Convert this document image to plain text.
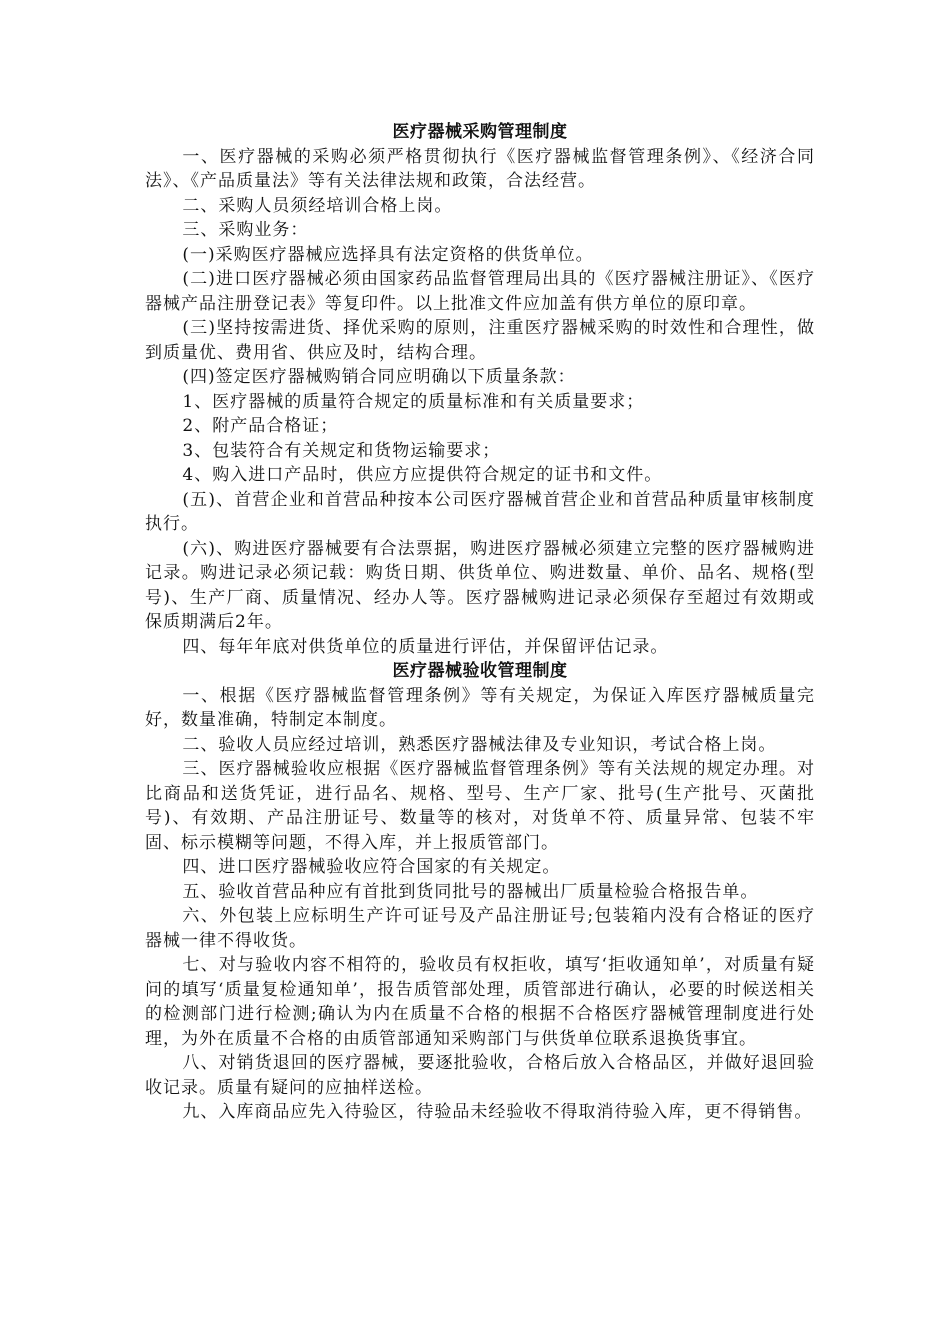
医疗器械采购管理制度

一、医疗器械的采购必须严格贯彻执行《医疗器械监督管理条例》、《经济合同法》、《产品质量法》等有关法律法规和政策，合法经营。

二、采购人员须经培训合格上岗。

三、采购业务：

(一)采购医疗器械应选择具有法定资格的供货单位。

(二)进口医疗器械必须由国家药品监督管理局出具的《医疗器械注册证》、《医疗器械产品注册登记表》等复印件。以上批准文件应加盖有供方单位的原印章。

(三)坚持按需进货、择优采购的原则，注重医疗器械采购的时效性和合理性，做到质量优、费用省、供应及时，结构合理。

(四)签定医疗器械购销合同应明确以下质量条款：

1、医疗器械的质量符合规定的质量标准和有关质量要求；

2、附产品合格证；

3、包装符合有关规定和货物运输要求；

4、购入进口产品时，供应方应提供符合规定的证书和文件。

(五)、首营企业和首营品种按本公司医疗器械首营企业和首营品种质量审核制度执行。

(六)、购进医疗器械要有合法票据，购进医疗器械必须建立完整的医疗器械购进记录。购进记录必须记载：购货日期、供货单位、购进数量、单价、品名、规格(型号)、生产厂商、质量情况、经办人等。医疗器械购进记录必须保存至超过有效期或保质期满后2年。

四、每年年底对供货单位的质量进行评估，并保留评估记录。

医疗器械验收管理制度

一、根据《医疗器械监督管理条例》等有关规定，为保证入库医疗器械质量完好，数量准确，特制定本制度。

二、验收人员应经过培训，熟悉医疗器械法律及专业知识，考试合格上岗。

三、医疗器械验收应根据《医疗器械监督管理条例》等有关法规的规定办理。对比商品和送货凭证，进行品名、规格、型号、生产厂家、批号(生产批号、灭菌批号)、有效期、产品注册证号、数量等的核对，对货单不符、质量异常、包装不牢固、标示模糊等问题，不得入库，并上报质管部门。

四、进口医疗器械验收应符合国家的有关规定。

五、验收首营品种应有首批到货同批号的器械出厂质量检验合格报告单。

六、外包装上应标明生产许可证号及产品注册证号;包装箱内没有合格证的医疗器械一律不得收货。

七、对与验收内容不相符的，验收员有权拒收，填写‘拒收通知单’，对质量有疑问的填写‘质量复检通知单’，报告质管部处理，质管部进行确认，必要的时候送相关的检测部门进行检测;确认为内在质量不合格的根据不合格医疗器械管理制度进行处理，为外在质量不合格的由质管部通知采购部门与供货单位联系退换货事宜。

八、对销货退回的医疗器械，要逐批验收，合格后放入合格品区，并做好退回验收记录。质量有疑问的应抽样送检。

九、入库商品应先入待验区，待验品未经验收不得取消待验入库，更不得销售。
